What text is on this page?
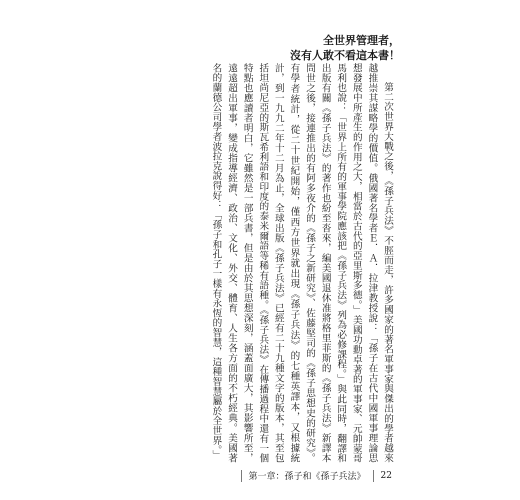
全世界管理者，
沒有人敢不看這本書！

第二次世界大戰之後，《孫子兵法》不脛而走，許多國家的著名軍事家與傑出的學者越來越推崇其謀略學的價值。俄國著名學者Ｅ．Ａ．拉津教授說：「孫子在古代中國軍事理論思想發展中所產生的作用之大，相當於古代的亞里斯多德。」美國功勳卓著的軍事家、元帥蒙哥馬利也說：「世界上所有的軍事學院應該把《孫子兵法》列為必修課程。」與此同時，翻譯和出版有關《孫子兵法》的著作也紛至沓來，編美國退休准將格里菲斯的《孫子兵法》新譯本問世之後，接連推出的有阿多夜介的《孫子之新研究》、佐藤堅司的《孫子思想史的研究》。有學者統計，從二十世紀開始，僅西方世界就出現《孫子兵法》的七種英譯本，又根據統計，到一九九二年十二月為止，全球出版《孫子兵法》已經有二十九種文字的版本，其至包括坦尚尼亞的斯瓦希利語和印度的泰米爾語等稀有語種。《孫子兵法》在傳播過程中還有一個特點也應讀者明白，它雖然是一部兵書，但是由於其思想深刻，涵蓋面廣大，其影響所至，遠遠超出軍事，變成指導經濟、政治、文化、外交、體育、人生各方面的不朽經典。美國著名的蘭德公司學者波拉克說得好：「孫子和孔子一樣有永恆的智慧，這種智慧屬於全世界。」

第一章：孫子和《孫子兵法》 22
